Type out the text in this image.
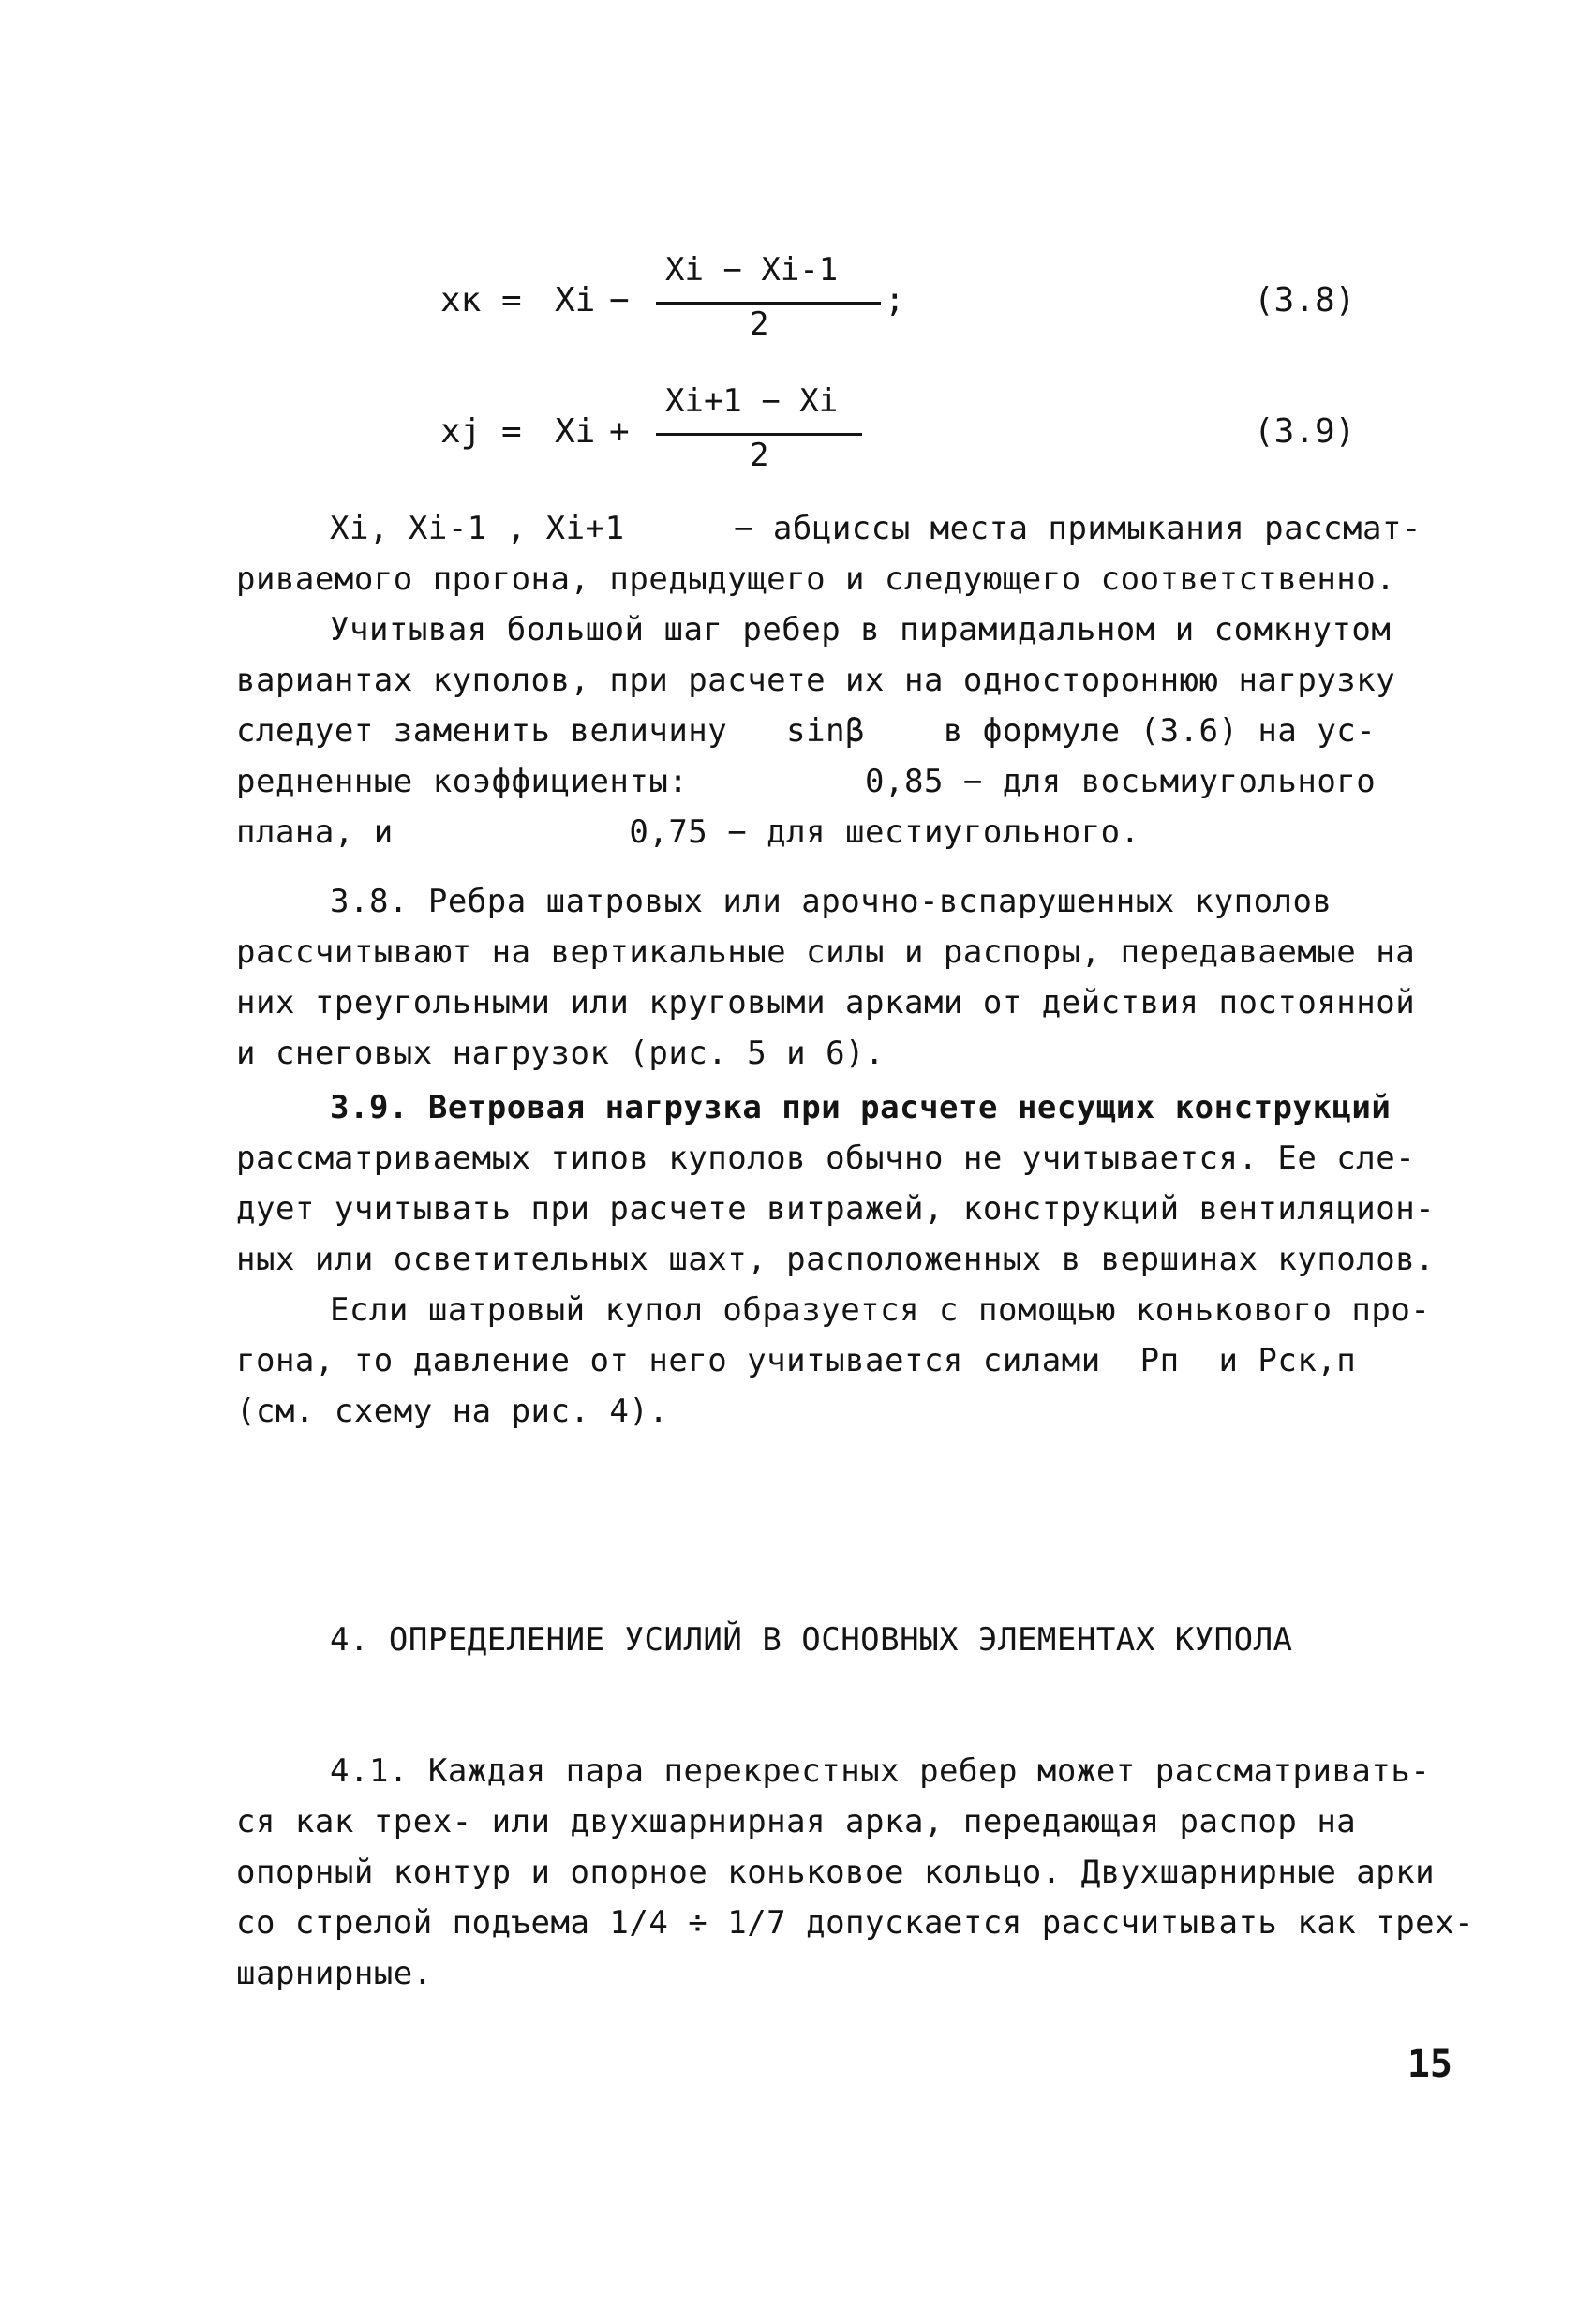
xк = Xi −
Xi − Xi-1
2
;	(3.8)
xj = Xi +
Xi+1 − Xi
2
(3.9)
Xi, Xi-1 , Xi+1	− абциссы места примыкания рассмат-
риваемого прогона, предыдущего и следующего соответственно.
Учитывая большой шаг ребер в пирамидальном и сомкнутом
вариантах куполов, при расчете их на одностороннюю нагрузку
следует заменить величину   sinβ    в формуле (3.6) на ус-
редненные коэффициенты:         0,85 − для восьмиугольного
плана, и            0,75 − для шестиугольного.
3.8. Ребра шатровых или арочно-вспарушенных куполов
рассчитывают на вертикальные силы и распоры, передаваемые на
них треугольными или круговыми арками от действия постоянной
и снеговых нагрузок (рис. 5 и 6).
3.9. Ветровая нагрузка при расчете несущих конструкций
рассматриваемых типов куполов обычно не учитывается. Ее сле-
дует учитывать при расчете витражей, конструкций вентиляцион-
ных или осветительных шахт, расположенных в вершинах куполов.
Если шатровый купол образуется с помощью конькового про-
гона, то давление от него учитывается силами  Pп  и Pск,п
(см. схему на рис. 4).
4. ОПРЕДЕЛЕНИЕ УСИЛИЙ В ОСНОВНЫХ ЭЛЕМЕНТАХ КУПОЛА
4.1. Каждая пара перекрестных ребер может рассматривать-
ся как трех- или двухшарнирная арка, передающая распор на
опорный контур и опорное коньковое кольцо. Двухшарнирные арки
со стрелой подъема 1/4 ÷ 1/7 допускается рассчитывать как трех-
шарнирные.
15
